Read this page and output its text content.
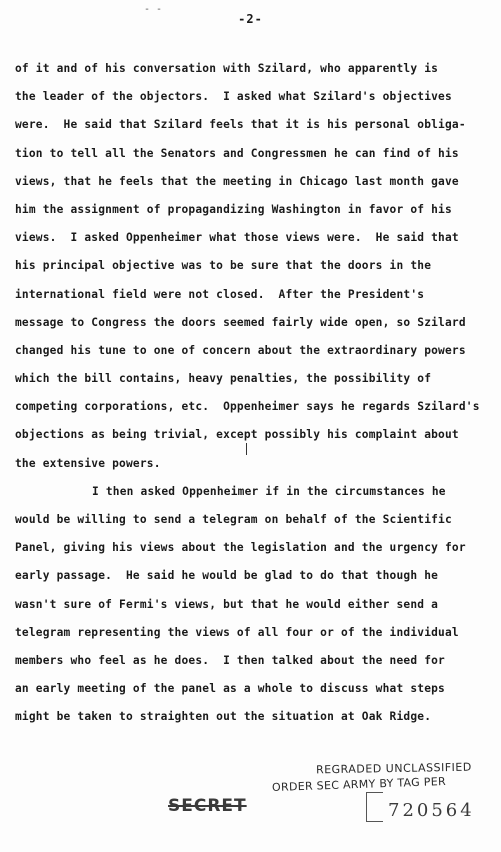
- -
-2-
of it and of his conversation with Szilard, who apparently is
the leader of the objectors.  I asked what Szilard's objectives
were.  He said that Szilard feels that it is his personal obliga-
tion to tell all the Senators and Congressmen he can find of his
views, that he feels that the meeting in Chicago last month gave
him the assignment of propagandizing Washington in favor of his
views.  I asked Oppenheimer what those views were.  He said that
his principal objective was to be sure that the doors in the
international field were not closed.  After the President's
message to Congress the doors seemed fairly wide open, so Szilard
changed his tune to one of concern about the extraordinary powers
which the bill contains, heavy penalties, the possibility of
competing corporations, etc.  Oppenheimer says he regards Szilard's
objections as being trivial, except possibly his complaint about
the extensive powers.
I then asked Oppenheimer if in the circumstances he
would be willing to send a telegram on behalf of the Scientific
Panel, giving his views about the legislation and the urgency for
early passage.  He said he would be glad to do that though he
wasn't sure of Fermi's views, but that he would either send a
telegram representing the views of all four or of the individual
members who feel as he does.  I then talked about the need for
an early meeting of the panel as a whole to discuss what steps
might be taken to straighten out the situation at Oak Ridge.
REGRADED UNCLASSIFIED
ORDER SEC ARMY BY TAG PER
720564
SECRET
